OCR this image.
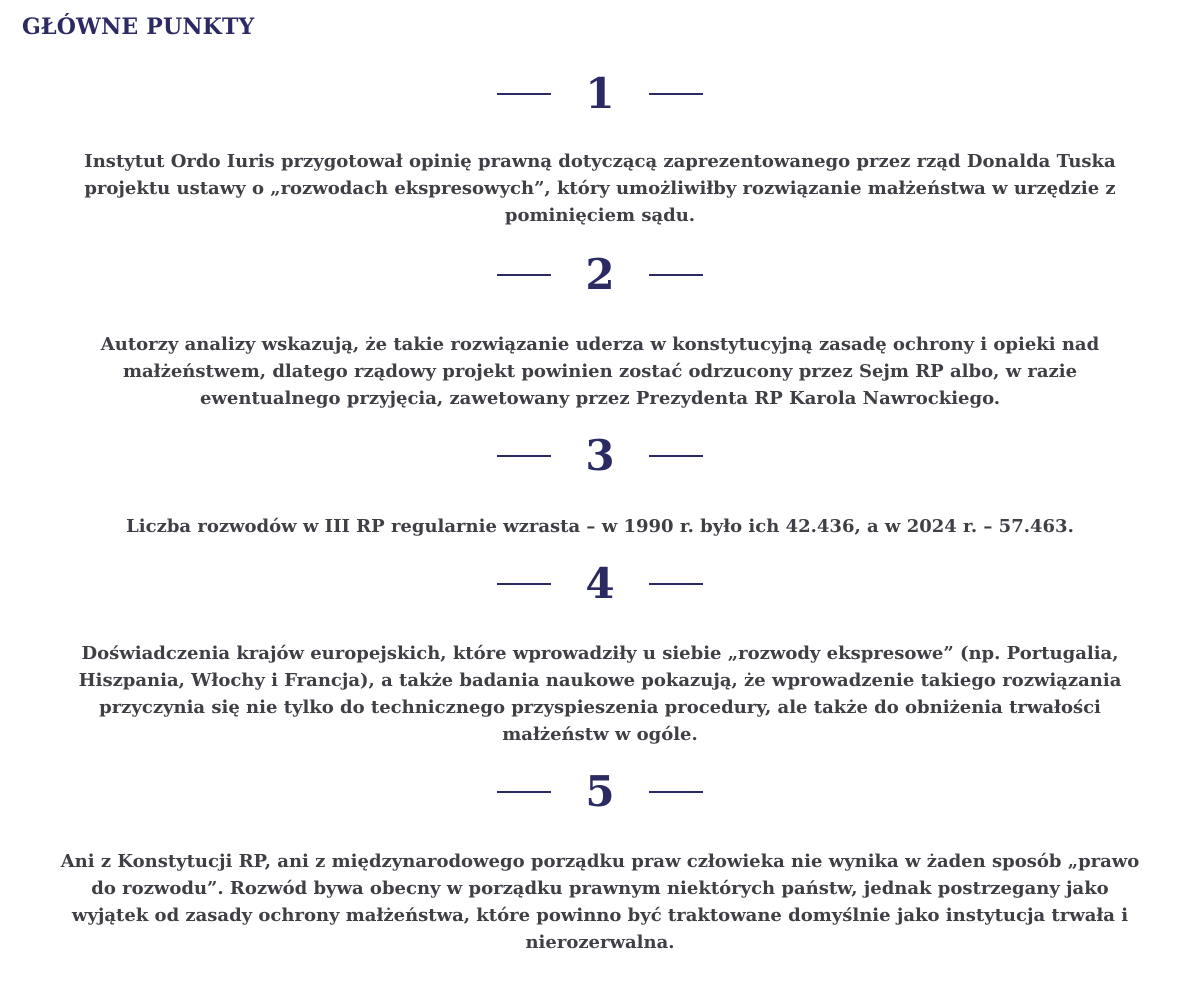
GŁÓWNE PUNKTY
1

Instytut Ordo Iuris przygotował opinię prawną dotyczącą zaprezentowanego przez rząd Donalda Tuska projektu ustawy o „rozwodach ekspresowych”, który umożliwiłby rozwiązanie małżeństwa w urzędzie z pominięciem sądu.

2

Autorzy analizy wskazują, że takie rozwiązanie uderza w konstytucyjną zasadę ochrony i opieki nad małżeństwem, dlatego rządowy projekt powinien zostać odrzucony przez Sejm RP albo, w razie ewentualnego przyjęcia, zawetowany przez Prezydenta RP Karola Nawrockiego.

3

Liczba rozwodów w III RP regularnie wzrasta – w 1990 r. było ich 42.436, a w 2024 r. – 57.463.

4

Doświadczenia krajów europejskich, które wprowadziły u siebie „rozwody ekspresowe” (np. Portugalia, Hiszpania, Włochy i Francja), a także badania naukowe pokazują, że wprowadzenie takiego rozwiązania przyczynia się nie tylko do technicznego przyspieszenia procedury, ale także do obniżenia trwałości małżeństw w ogóle.

5

Ani z Konstytucji RP, ani z międzynarodowego porządku praw człowieka nie wynika w żaden sposób „prawo do rozwodu”. Rozwód bywa obecny w porządku prawnym niektórych państw, jednak postrzegany jako wyjątek od zasady ochrony małżeństwa, które powinno być traktowane domyślnie jako instytucja trwała i nierozerwalna.
